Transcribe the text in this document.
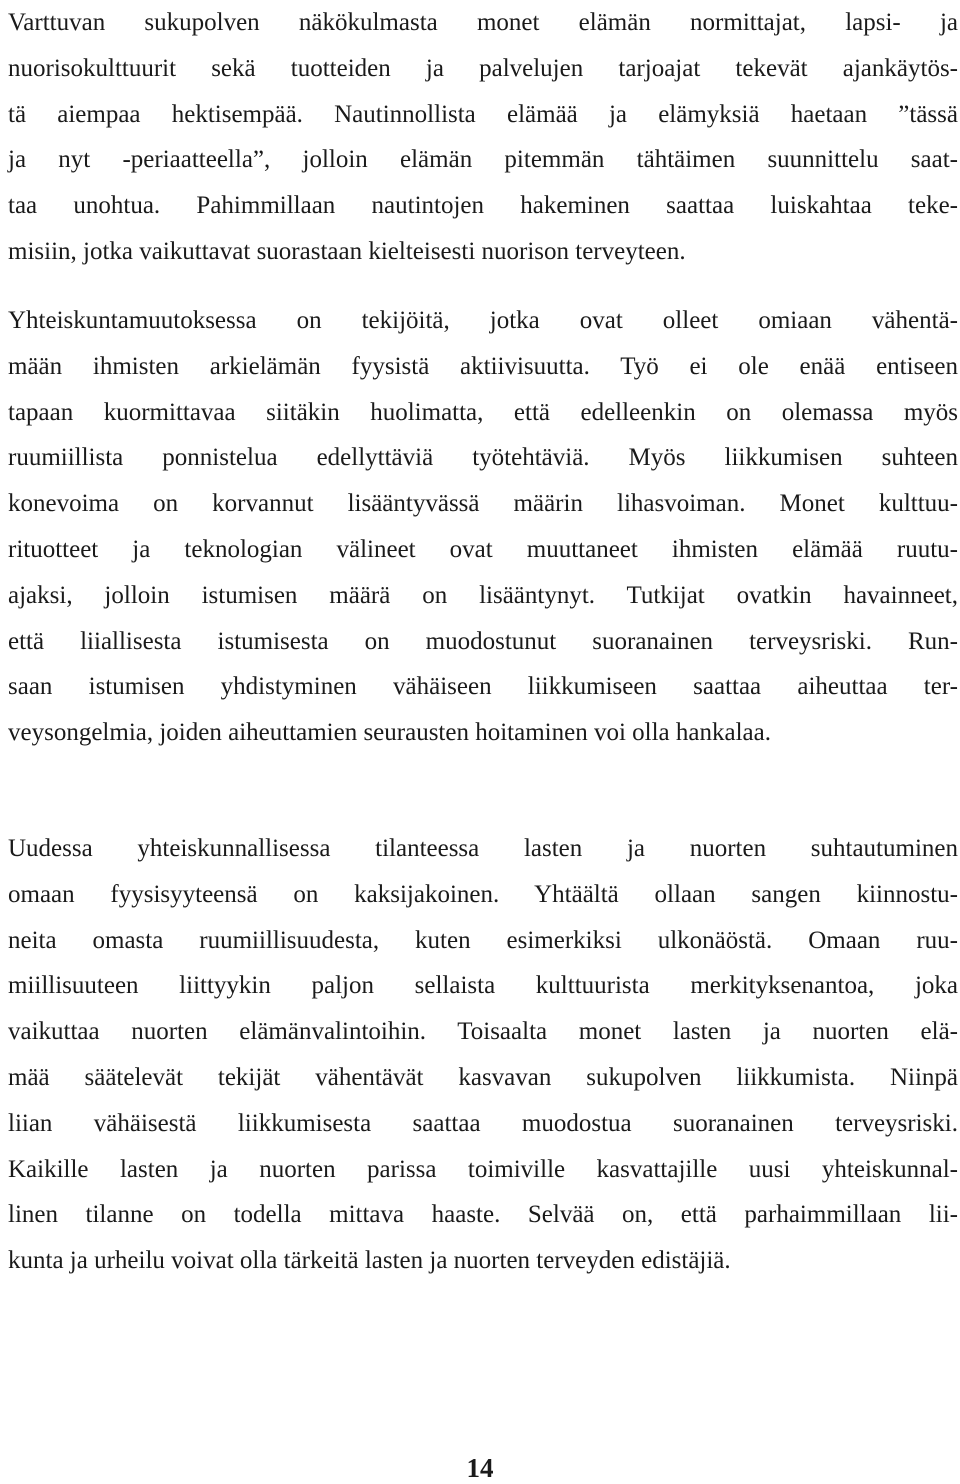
Varttuvan sukupolven näkökulmasta monet elämän normittajat, lapsi- ja
nuorisokulttuurit sekä tuotteiden ja palvelujen tarjoajat tekevät ajankäytös-
tä aiempaa hektisempää. Nautinnollista elämää ja elämyksiä haetaan ”tässä
ja nyt -periaatteella”, jolloin elämän pitemmän tähtäimen suunnittelu saat-
taa unohtua. Pahimmillaan nautintojen hakeminen saattaa luiskahtaa teke-
misiin, jotka vaikuttavat suorastaan kielteisesti nuorison terveyteen.
Yhteiskuntamuutoksessa on tekijöitä, jotka ovat olleet omiaan vähentä-
mään ihmisten arkielämän fyysistä aktiivisuutta. Työ ei ole enää entiseen
tapaan kuormittavaa siitäkin huolimatta, että edelleenkin on olemassa myös
ruumiillista ponnistelua edellyttäviä työtehtäviä. Myös liikkumisen suhteen
konevoima on korvannut lisääntyvässä määrin lihasvoiman. Monet kulttuu-
rituotteet ja teknologian välineet ovat muuttaneet ihmisten elämää ruutu-
ajaksi, jolloin istumisen määrä on lisääntynyt. Tutkijat ovatkin havainneet,
että liiallisesta istumisesta on muodostunut suoranainen terveysriski. Run-
saan istumisen yhdistyminen vähäiseen liikkumiseen saattaa aiheuttaa ter-
veysongelmia, joiden aiheuttamien seurausten hoitaminen voi olla hankalaa.
Uudessa yhteiskunnallisessa tilanteessa lasten ja nuorten suhtautuminen
omaan fyysisyyteensä on kaksijakoinen. Yhtäältä ollaan sangen kiinnostu-
neita omasta ruumiillisuudesta, kuten esimerkiksi ulkonäöstä. Omaan ruu-
miillisuuteen liittyykin paljon sellaista kulttuurista merkityksenantoa, joka
vaikuttaa nuorten elämänvalintoihin. Toisaalta monet lasten ja nuorten elä-
mää säätelevät tekijät vähentävät kasvavan sukupolven liikkumista. Niinpä
liian vähäisestä liikkumisesta saattaa muodostua suoranainen terveysriski.
Kaikille lasten ja nuorten parissa toimiville kasvattajille uusi yhteiskunnal-
linen tilanne on todella mittava haaste. Selvää on, että parhaimmillaan lii-
kunta ja urheilu voivat olla tärkeitä lasten ja nuorten terveyden edistäjiä.
14
